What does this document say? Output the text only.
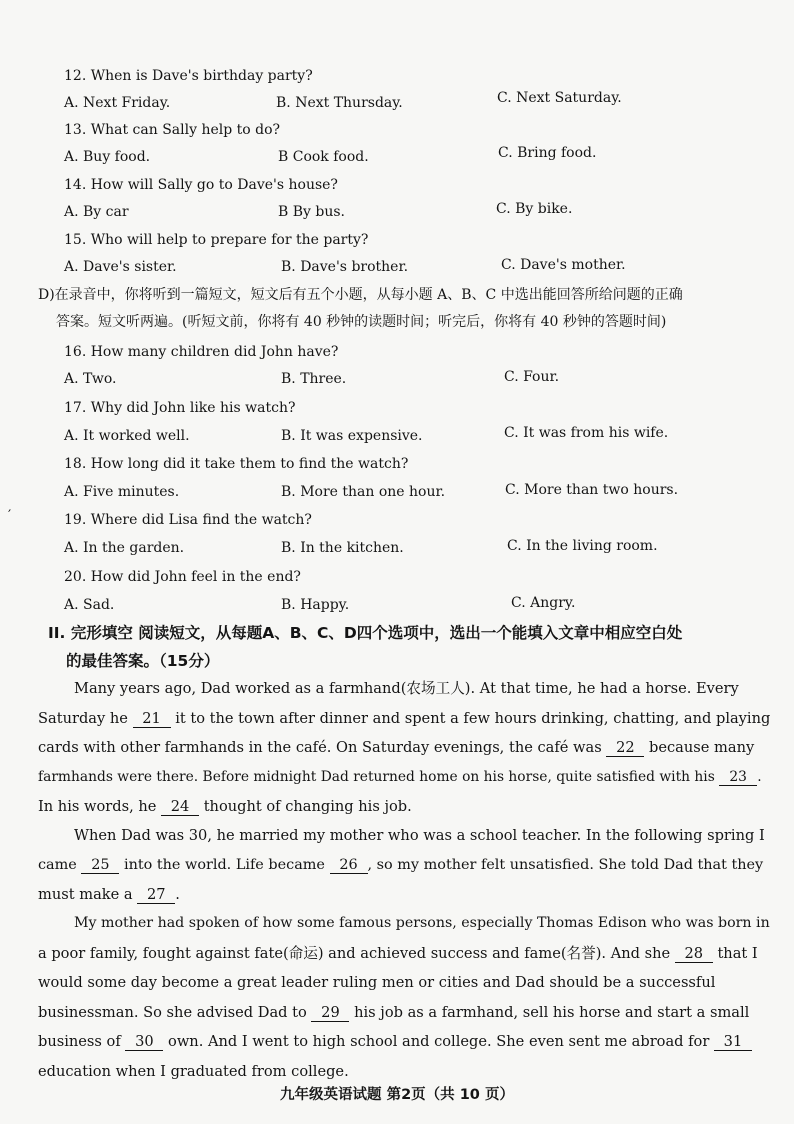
′
12. When is Dave's birthday party?
A. Next Friday.	B. Next Thursday.	C. Next Saturday.
13. What can Sally help to do?
A. Buy food.	B Cook food.	C. Bring food.
14. How will Sally go to Dave's house?
A. By car	B By bus.	C. By bike.
15. Who will help to prepare for the party?
A. Dave's sister.	B. Dave's brother.	C. Dave's mother.
D)在录音中，你将听到一篇短文，短文后有五个小题，从每小题 A、B、C 中选出能回答所给问题的正确
答案。短文听两遍。(听短文前，你将有 40 秒钟的读题时间；听完后，你将有 40 秒钟的答题时间)
16. How many children did John have?
A. Two.	B. Three.	C. Four.
17. Why did John like his watch?
A. It worked well.	B. It was expensive.	C. It was from his wife.
18. How long did it take them to find the watch?
A. Five minutes.	B. More than one hour.	C. More than two hours.
19. Where did Lisa find the watch?
A. In the garden.	B. In the kitchen.	C. In the living room.
20. How did John feel in the end?
A. Sad.	B. Happy.	C. Angry.
II. 完形填空 阅读短文，从每题A、B、C、D四个选项中，选出一个能填入文章中相应空白处
的最佳答案。（15分）
Many years ago, Dad worked as a farmhand(农场工人). At that time, he had a horse. Every
Saturday he 21 it to the town after dinner and spent a few hours drinking, chatting, and playing
cards with other farmhands in the café. On Saturday evenings, the café was 22 because many
farmhands were there. Before midnight Dad returned home on his horse, quite satisfied with his 23 .
In his words, he 24 thought of changing his job.
When Dad was 30, he married my mother who was a school teacher. In the following spring I
came 25 into the world. Life became 26 , so my mother felt unsatisfied. She told Dad that they
must make a 27 .
My mother had spoken of how some famous persons, especially Thomas Edison who was born in
a poor family, fought against fate(命运) and achieved success and fame(名誉). And she 28 that I
would some day become a great leader ruling men or cities and Dad should be a successful
businessman. So she advised Dad to 29 his job as a farmhand, sell his horse and start a small
business of 30 own. And I went to high school and college. She even sent me abroad for 31
education when I graduated from college.
九年级英语试题 第2页（共 10 页）
